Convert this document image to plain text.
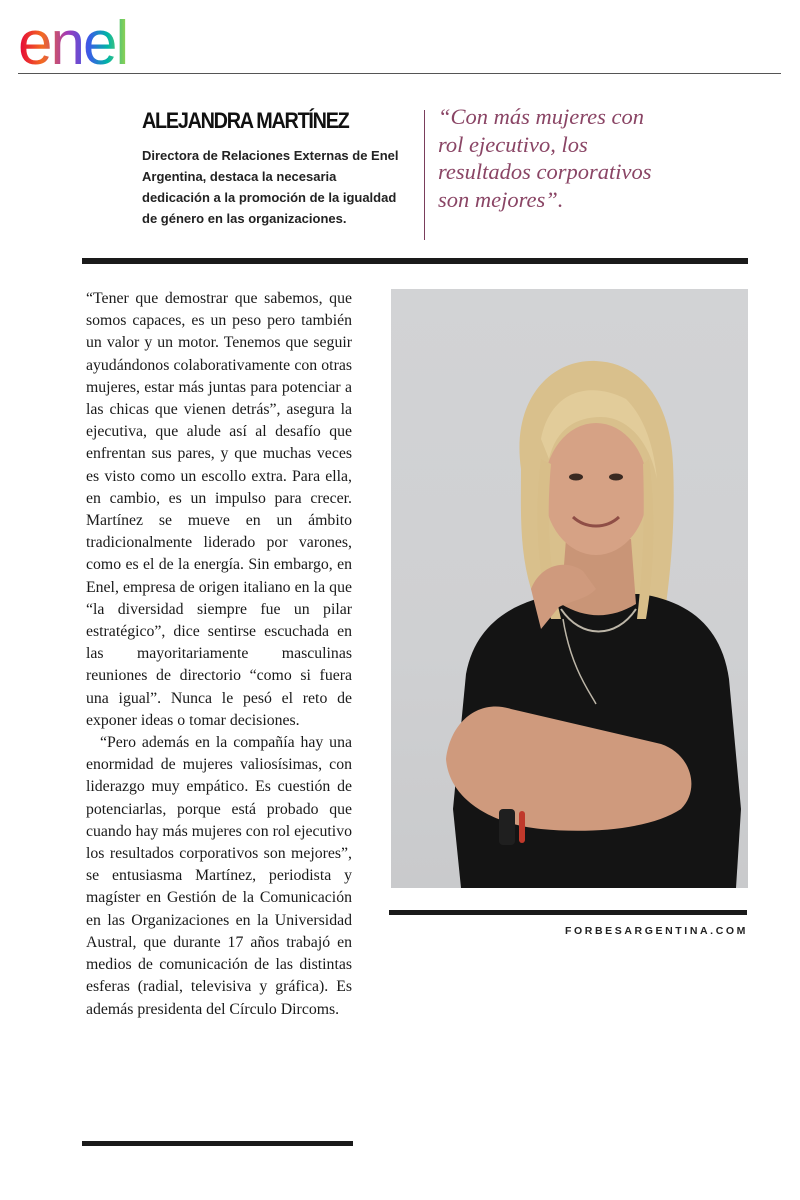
enel
ALEJANDRA MARTÍNEZ
Directora de Relaciones Externas de Enel Argentina, destaca la necesaria dedicación a la promoción de la igualdad de género en las organizaciones.
“Con más mujeres con rol ejecutivo, los resultados corporativos son mejores”.

“Tener que demostrar que sabemos, que somos capaces, es un peso pero también un valor y un motor. Tenemos que seguir ayudándonos colaborativamente con otras mujeres, estar más juntas para potenciar a las chicas que vienen detrás”, asegura la ejecutiva, que alude así al desafío que enfrentan sus pares, y que muchas veces es visto como un escollo extra. Para ella, en cambio, es un impulso para crecer. Martínez se mueve en un ámbito tradicionalmente liderado por varones, como es el de la energía. Sin embargo, en Enel, empresa de origen italiano en la que “la diversidad siempre fue un pilar estratégico”, dice sentirse escuchada en las mayoritariamente masculinas reuniones de directorio “como si fuera una igual”. Nunca le pesó el reto de exponer ideas o tomar decisiones.

“Pero además en la compañía hay una enormidad de mujeres valiosísimas, con liderazgo muy empático. Es cuestión de potenciarlas, porque está probado que cuando hay más mujeres con rol ejecutivo los resultados corporativos son mejores”, se entusiasma Martínez, periodista y magíster en Gestión de la Comunicación en las Organizaciones en la Universidad Austral, que durante 17 años trabajó en medios de comunicación de las distintas esferas (radial, televisiva y gráfica). Es además presidenta del Círculo Dircoms.

FORBESARGENTINA.COM
